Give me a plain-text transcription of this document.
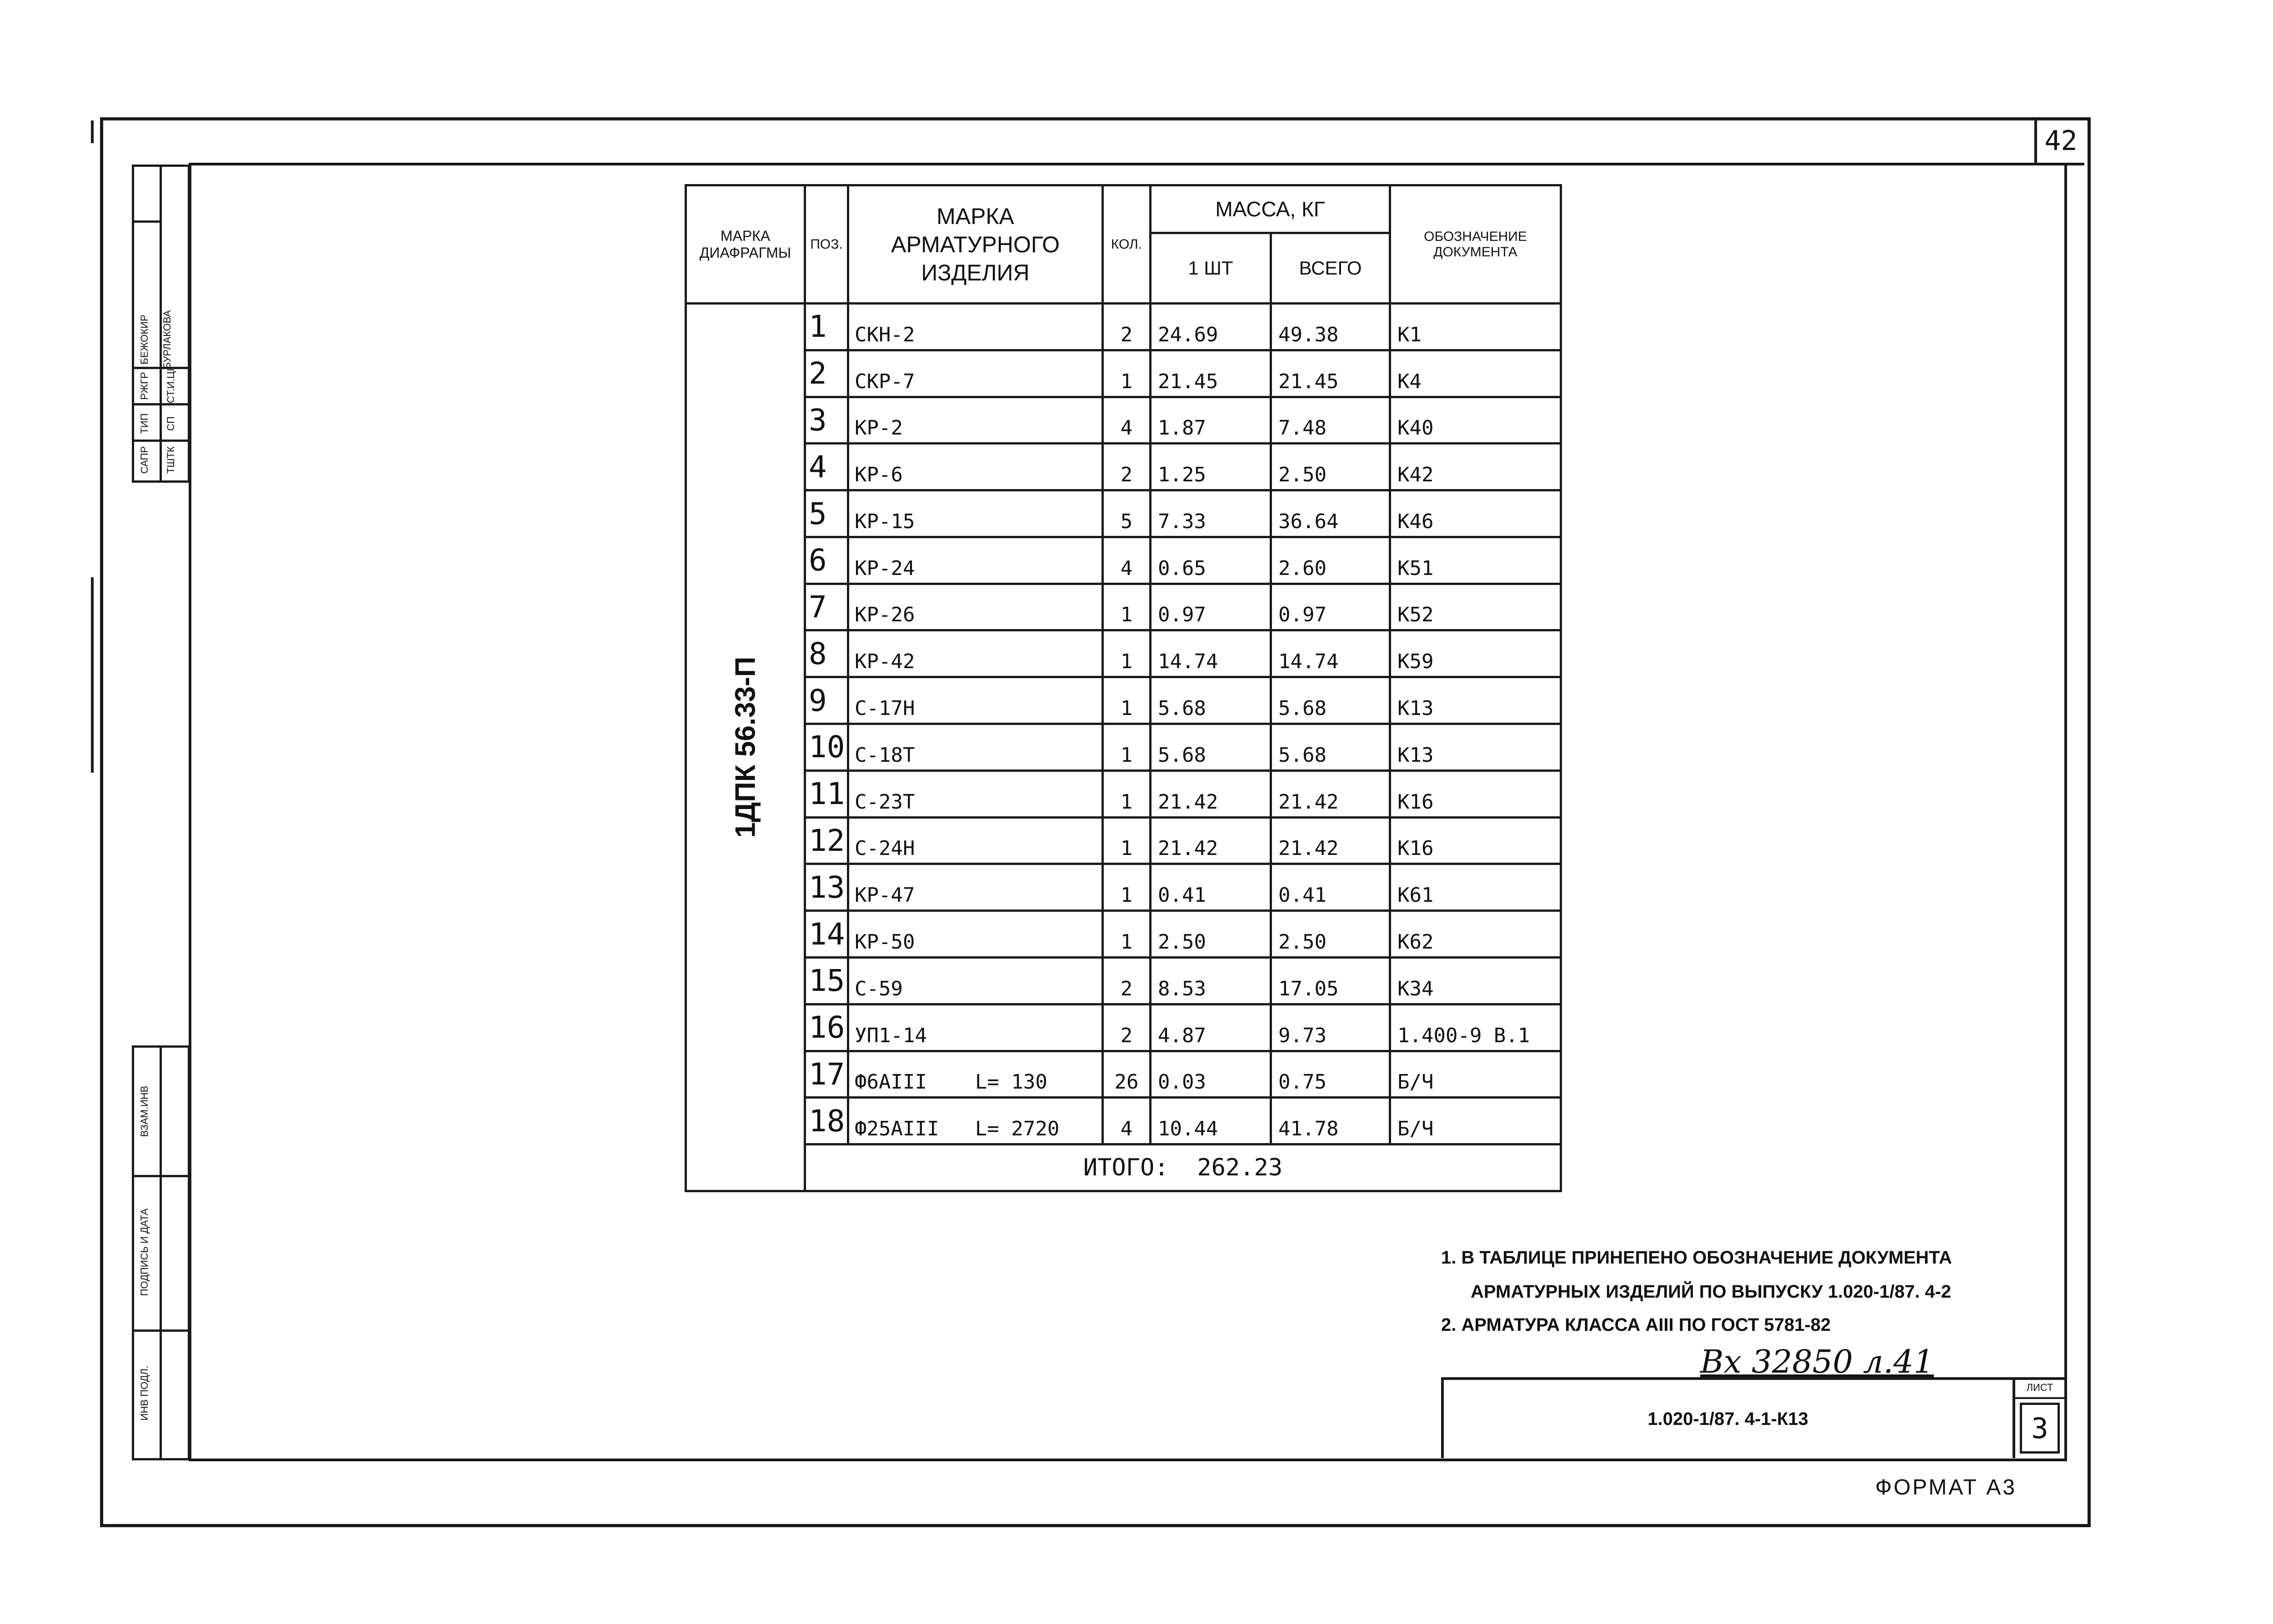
42
САПР
ТИП
РЖГР
БЕЖОКИР
ТШТК
СП
СТ.И.ЦI
БУРЛАКОВА
ВЗАМ.ИНВ
ПОДПИСЬ И ДАТА
ИНВ ПОДЛ.
МАРКА ДИАФРАГМЫ	ПОЗ.	МАРКА АРМАТУРНОГО ИЗДЕЛИЯ	КОЛ.	МАССА, КГ		ОБОЗНАЧЕНИЕ ДОКУМЕНТА
				1 ШТ	ВСЕГО	

1ДПК 56.33-П	1	СКН-2	2	24.69	49.38	К1
	2	СКР-7	1	21.45	21.45	К4
	3	КР-2	4	1.87	7.48	К40
	4	КР-6	2	1.25	2.50	К42
	5	КР-15	5	7.33	36.64	К46
	6	КР-24	4	0.65	2.60	К51
	7	КР-26	1	0.97	0.97	К52
	8	КР-42	1	14.74	14.74	К59
	9	С-17Н	1	5.68	5.68	К13
	10	С-18Т	1	5.68	5.68	К13
	11	С-23Т	1	21.42	21.42	К16
	12	С-24Н	1	21.42	21.42	К16
	13	КР-47	1	0.41	0.41	К61
	14	КР-50	1	2.50	2.50	К62
	15	С-59	2	8.53	17.05	К34
	16	УП1-14	2	4.87	9.73	1.400-9 В.1
	17	Ф6АIII    L= 130	26	0.03	0.75	Б/Ч
	18	Ф25АIII   L= 2720	4	10.44	41.78	Б/Ч
	ИТОГО: 262.23					
1. В ТАБЛИЦЕ ПРИНЕПЕНО ОБОЗНАЧЕНИЕ ДОКУМЕНТА
АРМАТУРНЫХ ИЗДЕЛИЙ ПО ВЫПУСКУ 1.020-1/87. 4-2
2. АРМАТУРА КЛАССА АIII ПО ГОСТ 5781-82
Вх 32850 л.41
1.020-1/87. 4-1-К13
ЛИСТ
3
ФОРМАТ А3
